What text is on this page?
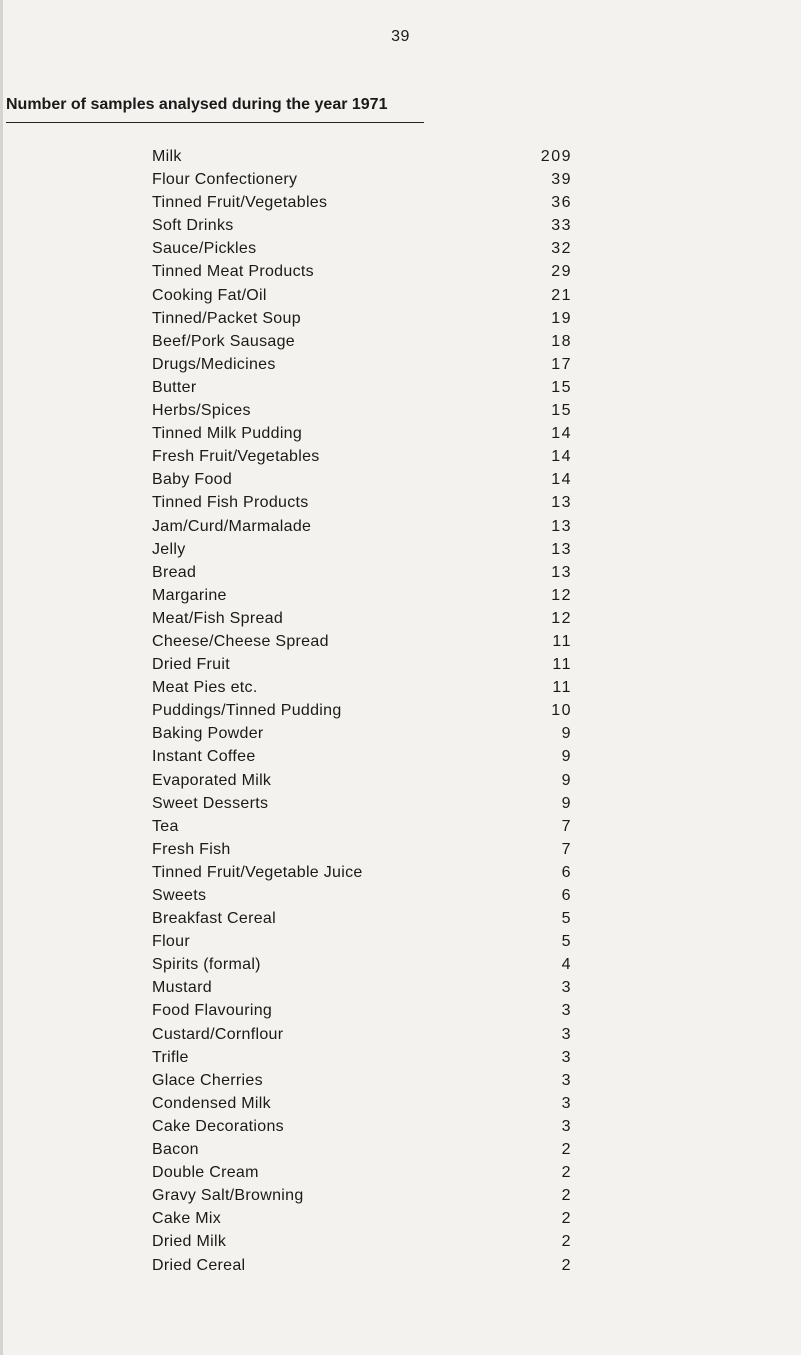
39
Number of samples analysed during the year 1971
Milk	209
Flour Confectionery	39
Tinned Fruit/Vegetables	36
Soft Drinks	33
Sauce/Pickles	32
Tinned Meat Products	29
Cooking Fat/Oil	21
Tinned/Packet Soup	19
Beef/Pork Sausage	18
Drugs/Medicines	17
Butter	15
Herbs/Spices	15
Tinned Milk Pudding	14
Fresh Fruit/Vegetables	14
Baby Food	14
Tinned Fish Products	13
Jam/Curd/Marmalade	13
Jelly	13
Bread	13
Margarine	12
Meat/Fish Spread	12
Cheese/Cheese Spread	11
Dried Fruit	11
Meat Pies etc.	11
Puddings/Tinned Pudding	10
Baking Powder	9
Instant Coffee	9
Evaporated Milk	9
Sweet Desserts	9
Tea	7
Fresh Fish	7
Tinned Fruit/Vegetable Juice	6
Sweets	6
Breakfast Cereal	5
Flour	5
Spirits (formal)	4
Mustard	3
Food Flavouring	3
Custard/Cornflour	3
Trifle	3
Glace Cherries	3
Condensed Milk	3
Cake Decorations	3
Bacon	2
Double Cream	2
Gravy Salt/Browning	2
Cake Mix	2
Dried Milk	2
Dried Cereal	2
